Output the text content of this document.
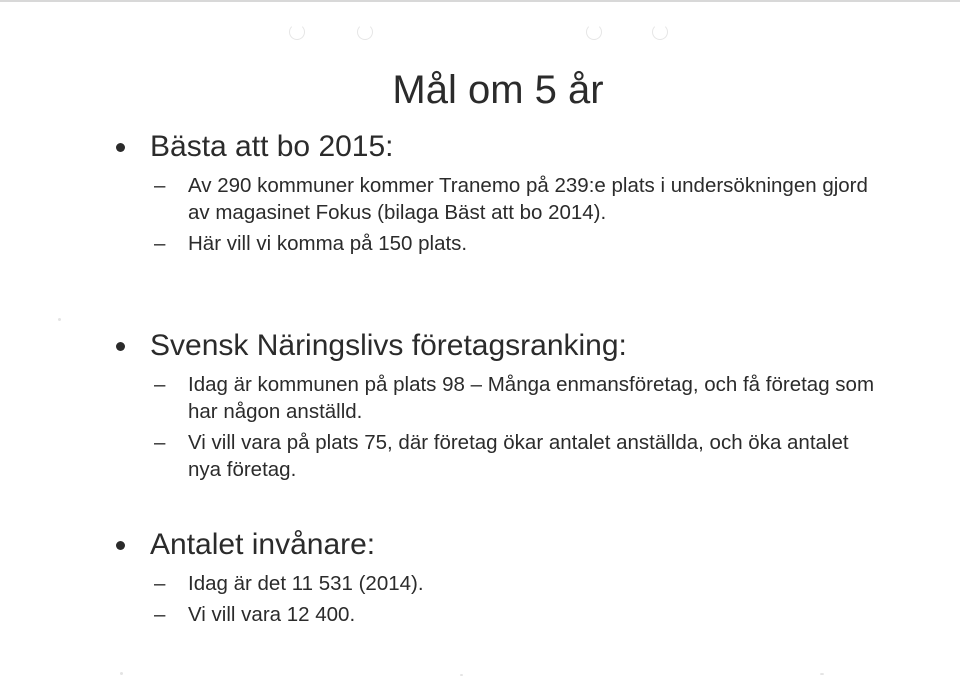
Mål om 5 år
Bästa att bo 2015:
– Av 290 kommuner kommer Tranemo på 239:e plats i undersökningen gjord av magasinet Fokus (bilaga Bäst att bo 2014).
– Här vill vi komma på 150 plats.
Svensk Näringslivs företagsranking:
– Idag är kommunen på plats 98 – Många enmansföretag, och få företag som har någon anställd.
– Vi vill vara på plats 75, där företag ökar antalet anställda, och öka antalet nya företag.
Antalet invånare:
– Idag är det 11 531 (2014).
– Vi vill vara 12 400.
